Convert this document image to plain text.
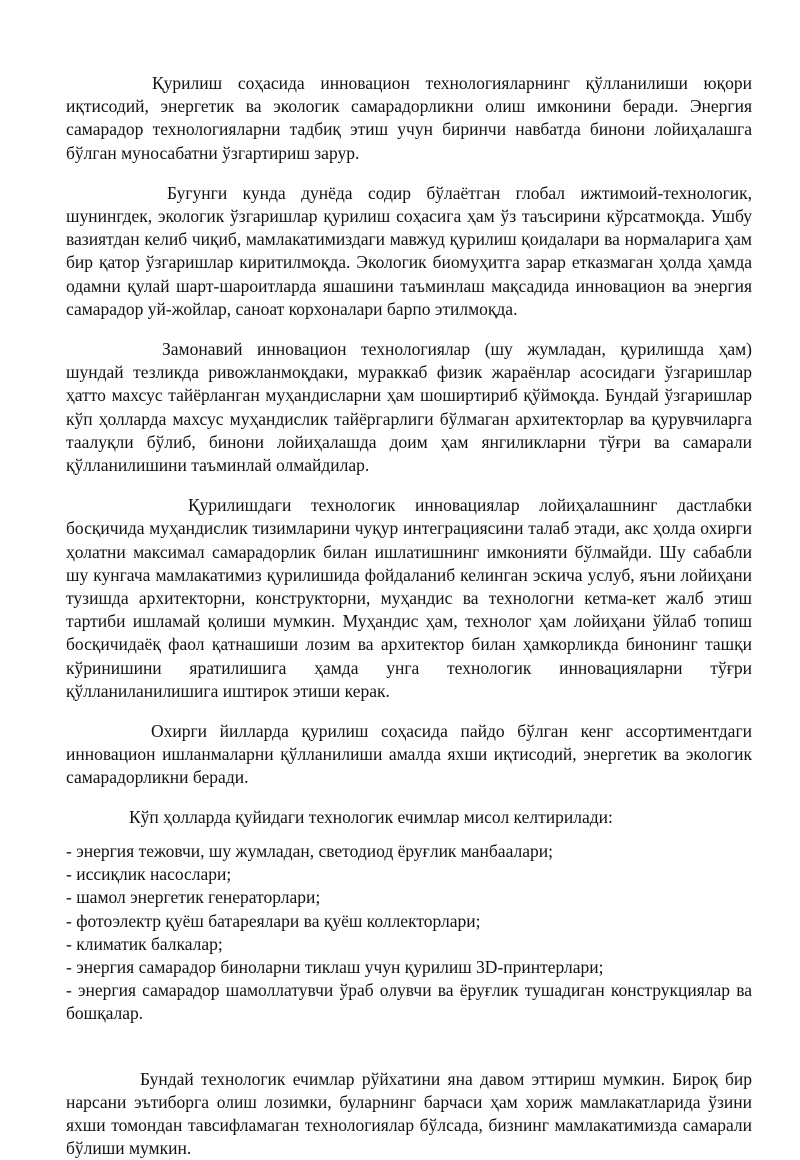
Қурилиш соҳасида инновацион технологияларнинг қўлланилиши юқори иқтисодий, энергетик ва экологик самарадорликни олиш имконини беради. Энергия самарадор технологияларни тадбиқ этиш учун биринчи навбатда бинони лойиҳалашга бўлган муносабатни ўзгартириш зарур.

Бугунги кунда дунёда содир бўлаётган глобал ижтимоий-технологик, шунингдек, экологик ўзгаришлар қурилиш соҳасига ҳам ўз таъсирини кўрсатмоқда. Ушбу вазиятдан келиб чиқиб, мамлакатимиздаги мавжуд қурилиш қоидалари ва нормаларига ҳам бир қатор ўзгаришлар киритилмоқда. Экологик биомуҳитга зарар етказмаган ҳолда ҳамда одамни қулай шарт-шароитларда яшашини таъминлаш мақсадида инновацион ва энергия самарадор уй-жойлар, саноат корхоналари барпо этилмоқда.

Замонавий инновацион технологиялар (шу жумладан, қурилишда ҳам) шундай тезликда ривожланмоқдаки, мураккаб физик жараёнлар асосидаги ўзгаришлар ҳатто махсус тайёрланган муҳандисларни ҳам шоширтириб қўймоқда. Бундай ўзгаришлар кўп ҳолларда махсус муҳандислик тайёргарлиги бўлмаган архитекторлар ва қурувчиларга таалуқли бўлиб, бинони лойиҳалашда доим ҳам янгиликларни тўғри ва самарали қўлланилишини таъминлай олмайдилар.

Қурилишдаги технологик инновациялар лойиҳалашнинг дастлабки босқичида муҳандислик тизимларини чуқур интеграциясини талаб этади, акс ҳолда охирги ҳолатни максимал самарадорлик билан ишлатишнинг имконияти бўлмайди. Шу сабабли шу кунгача мамлакатимиз қурилишида фойдаланиб келинган эскича услуб, яъни лойиҳани тузишда архитекторни, конструкторни, муҳандис ва технологни кетма-кет жалб этиш тартиби ишламай қолиши мумкин. Муҳандис ҳам, технолог ҳам лойиҳани ўйлаб топиш босқичидаёқ фаол қатнашиши лозим ва архитектор билан ҳамкорликда бинонинг ташқи кўринишини яратилишига ҳамда унга технологик инновацияларни тўғри қўлланиланилишига иштирок этиши керак.

Охирги йилларда қурилиш соҳасида пайдо бўлган кенг ассортиментдаги инновацион ишланмаларни қўлланилиши амалда яхши иқтисодий, энергетик ва экологик самарадорликни беради.

Кўп ҳолларда қуйидаги технологик ечимлар мисол келтирилади:

- энергия тежовчи, шу жумладан, светодиод ёруғлик манбаалари;
- иссиқлик насослари;
- шамол энергетик генераторлари;
- фотоэлектр қуёш батареялари ва қуёш коллекторлари;
- климатик балкалар;
- энергия самарадор биноларни тиклаш учун қурилиш 3D-принтерлари;
- энергия самарадор шамоллатувчи ўраб олувчи ва ёруғлик тушадиган конструкциялар ва бошқалар.

Бундай технологик ечимлар рўйхатини яна давом эттириш мумкин. Бироқ бир нарсани эътиборга олиш лозимки, буларнинг барчаси ҳам хориж мамлакатларида ўзини яхши томондан тавсифламаган технологиялар бўлсада, бизнинг мамлакатимизда самарали бўлиши мумкин.
